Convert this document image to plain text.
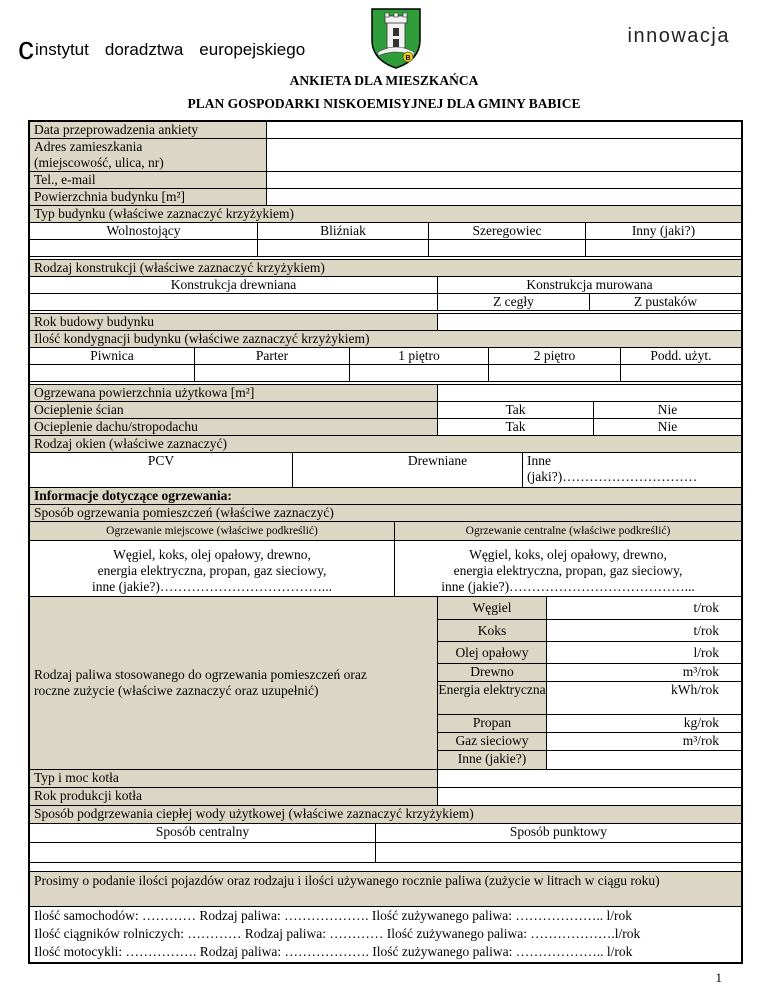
cinstytut doradztwa europejskiego	B
innowacja
ANKIETA DLA MIESZKAŃCA
PLAN GOSPODARKI NISKOEMISYJNEJ DLA GMINY BABICE
Data przeprowadzenia ankiety
Adres zamieszkania
(miejscowość, ulica, nr)
Tel., e-mail
Powierzchnia budynku [m²]
Typ budynku (właściwe zaznaczyć krzyżykiem)
Wolnostojący	Bliźniak	Szeregowiec	Inny (jaki?)
Rodzaj konstrukcji (właściwe zaznaczyć krzyżykiem)
Konstrukcja drewniana	Konstrukcja murowana
Z cegły	Z pustaków
Rok budowy budynku
Ilość kondygnacji budynku (właściwe zaznaczyć krzyżykiem)
Piwnica	Parter	1 piętro	2 piętro	Podd. użyt.
Ogrzewana powierzchnia użytkowa [m²]
Ocieplenie ścian	Tak	Nie
Ocieplenie dachu/stropodachu	Tak	Nie
Rodzaj okien (właściwe zaznaczyć)
PCV	Drewniane	Inne
(jaki?)…………………………
Informacje dotyczące ogrzewania:
Sposób ogrzewania pomieszczeń (właściwe zaznaczyć)
Ogrzewanie miejscowe (właściwe podkreślić)	Ogrzewanie centralne (właściwe podkreślić)
Węgiel, koks, olej opałowy, drewno,
energia elektryczna, propan, gaz sieciowy,
inne (jakie?)………………………………...
Węgiel, koks, olej opałowy, drewno,
energia elektryczna, propan, gaz sieciowy,
inne (jakie?)…………………………………...
Rodzaj paliwa stosowanego do ogrzewania pomieszczeń oraz
roczne zużycie (właściwe zaznaczyć oraz uzupełnić)
Węgiel	t/rok
Koks	t/rok
Olej opałowy	l/rok
Drewno	m³/rok
Energia elektryczna	kWh/rok
Propan	kg/rok
Gaz sieciowy	m³/rok
Inne (jakie?)
Typ i moc kotła
Rok produkcji kotła
Sposób podgrzewania ciepłej wody użytkowej (właściwe zaznaczyć krzyżykiem)
Sposób centralny	Sposób punktowy
Prosimy o podanie ilości pojazdów oraz rodzaju i ilości używanego rocznie paliwa (zużycie w litrach w ciągu roku)
Ilość samochodów: ………… Rodzaj paliwa: ………………. Ilość zużywanego paliwa: ……………….. l/rok
Ilość ciągników rolniczych: ………… Rodzaj paliwa: ………… Ilość zużywanego paliwa: ……………….l/rok
Ilość motocykli: ……………. Rodzaj paliwa: ………………. Ilość zużywanego paliwa: ……………….. l/rok
1
